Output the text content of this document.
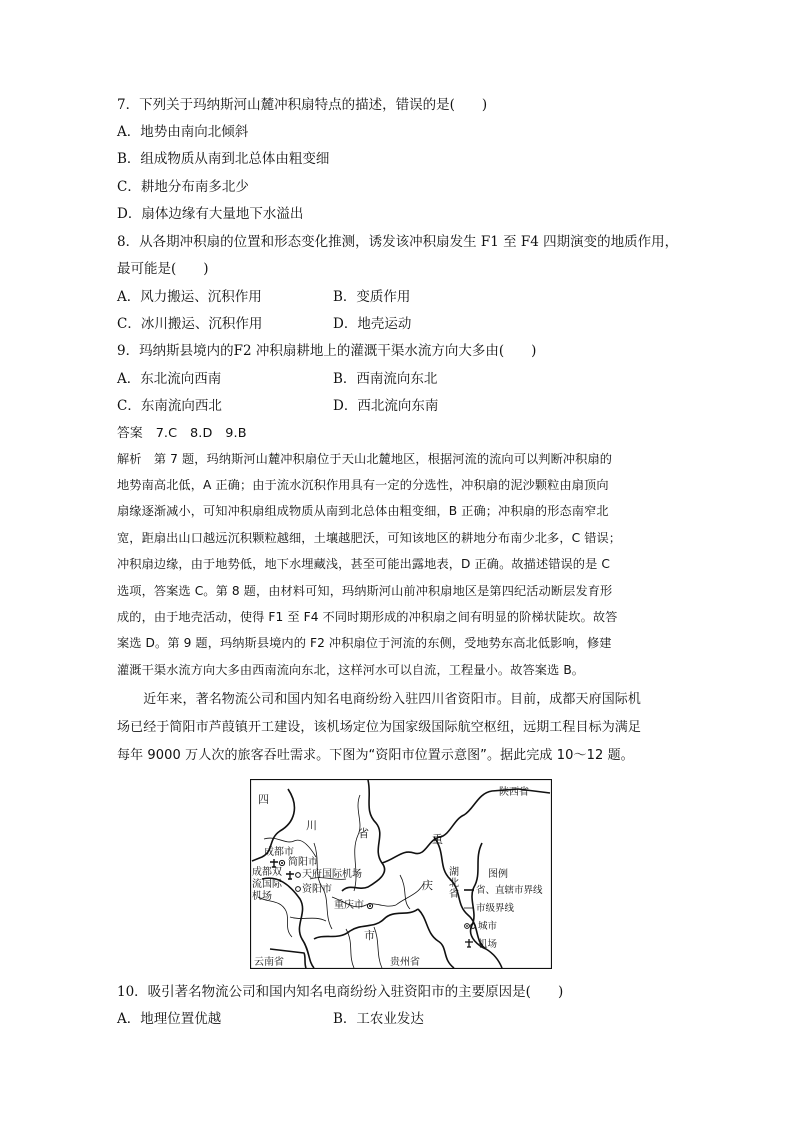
7．下列关于玛纳斯河山麓冲积扇特点的描述，错误的是(　　)
A．地势由南向北倾斜
B．组成物质从南到北总体由粗变细
C．耕地分布南多北少
D．扇体边缘有大量地下水溢出
8．从各期冲积扇的位置和形态变化推测，诱发该冲积扇发生 F1 至 F4 四期演变的地质作用，
最可能是(　　)
A．风力搬运、沉积作用	B．变质作用
C．冰川搬运、沉积作用	D．地壳运动
9．玛纳斯县境内的F2 冲积扇耕地上的灌溉干渠水流方向大多由(　　)
A．东北流向西南	B．西南流向东北
C．东南流向西北	D．西北流向东南
答案　7.C　8.D　9.B
解析　第 7 题，玛纳斯河山麓冲积扇位于天山北麓地区，根据河流的流向可以判断冲积扇的
地势南高北低，A 正确；由于流水沉积作用具有一定的分选性，冲积扇的泥沙颗粒由扇顶向
扇缘逐渐减小，可知冲积扇组成物质从南到北总体由粗变细，B 正确；冲积扇的形态南窄北
宽，距扇出山口越远沉积颗粒越细，土壤越肥沃，可知该地区的耕地分布南少北多，C 错误；
冲积扇边缘，由于地势低，地下水埋藏浅，甚至可能出露地表，D 正确。故描述错误的是 C
选项，答案选 C。第 8 题，由材料可知，玛纳斯河山前冲积扇地区是第四纪活动断层发育形
成的，由于地壳活动，使得 F1 至 F4 不同时期形成的冲积扇之间有明显的阶梯状陡坎。故答
案选 D。第 9 题，玛纳斯县境内的 F2 冲积扇位于河流的东侧，受地势东高北低影响，修建
灌溉干渠水流方向大多由西南流向东北，这样河水可以自流，工程量小。故答案选 B。
　　近年来，著名物流公司和国内知名电商纷纷入驻四川省资阳市。目前，成都天府国际机
场已经于简阳市芦葭镇开工建设，该机场定位为国家级国际航空枢纽，远期工程目标为满足
每年 9000 万人次的旅客吞吐需求。下图为“资阳市位置示意图”。据此完成 10～12 题。
四
川
省	重
庆
市
陕西省
湖
北
省
云南省	贵州省
成都市
简阳市
天府国际机场
成都双
流国际
机场
资阳市
重庆市
图例
省、直辖市界线
市级界线
城市
机场
10．吸引著名物流公司和国内知名电商纷纷入驻资阳市的主要原因是(　　)
A．地理位置优越	B．工农业发达
